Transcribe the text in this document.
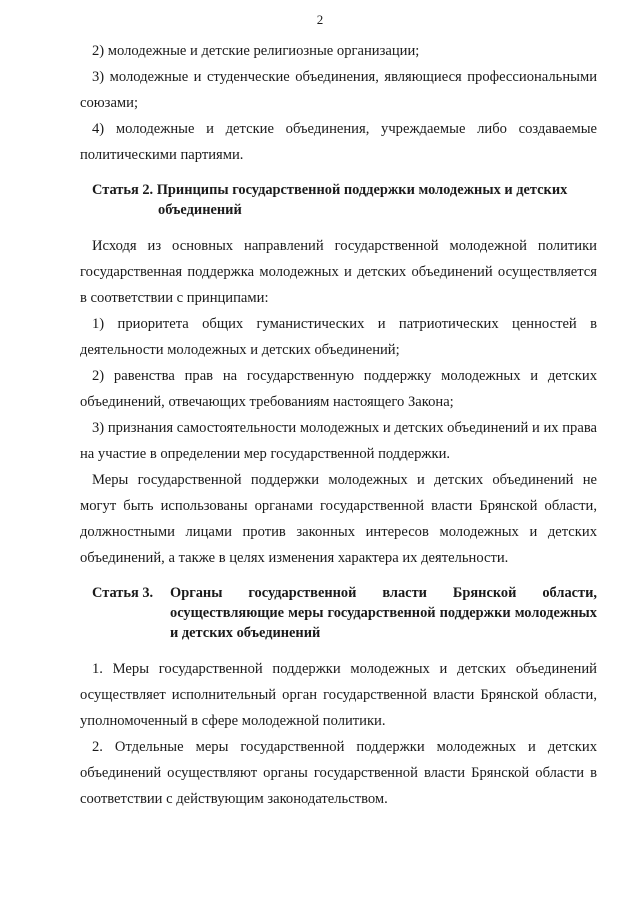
2

2) молодежные и детские религиозные организации;

3) молодежные и студенческие объединения, являющиеся профессиональными союзами;

4) молодежные и детские объединения, учреждаемые либо создаваемые политическими партиями.

Статья 2. Принципы государственной поддержки молодежных и детских
объединений

Исходя из основных направлений государственной молодежной политики государственная поддержка молодежных и детских объединений осуществляется в соответствии с принципами:

1) приоритета общих гуманистических и патриотических ценностей в деятельности молодежных и детских объединений;

2) равенства прав на государственную поддержку молодежных и детских объединений, отвечающих требованиям настоящего Закона;

3) признания самостоятельности молодежных и детских объединений и их права на участие в определении мер государственной поддержки.

Меры государственной поддержки молодежных и детских объединений не могут быть использованы органами государственной власти Брянской области, должностными лицами против законных интересов молодежных и детских объединений, а также в целях изменения характера их деятельности.

Статья 3.	Органы государственной власти Брянской области, осуществляющие меры государственной поддержки молодежных и детских объединений

1. Меры государственной поддержки молодежных и детских объединений осуществляет исполнительный орган государственной власти Брянской области, уполномоченный в сфере молодежной политики.

2. Отдельные меры государственной поддержки молодежных и детских объединений осуществляют органы государственной власти Брянской области в соответствии с действующим законодательством.
